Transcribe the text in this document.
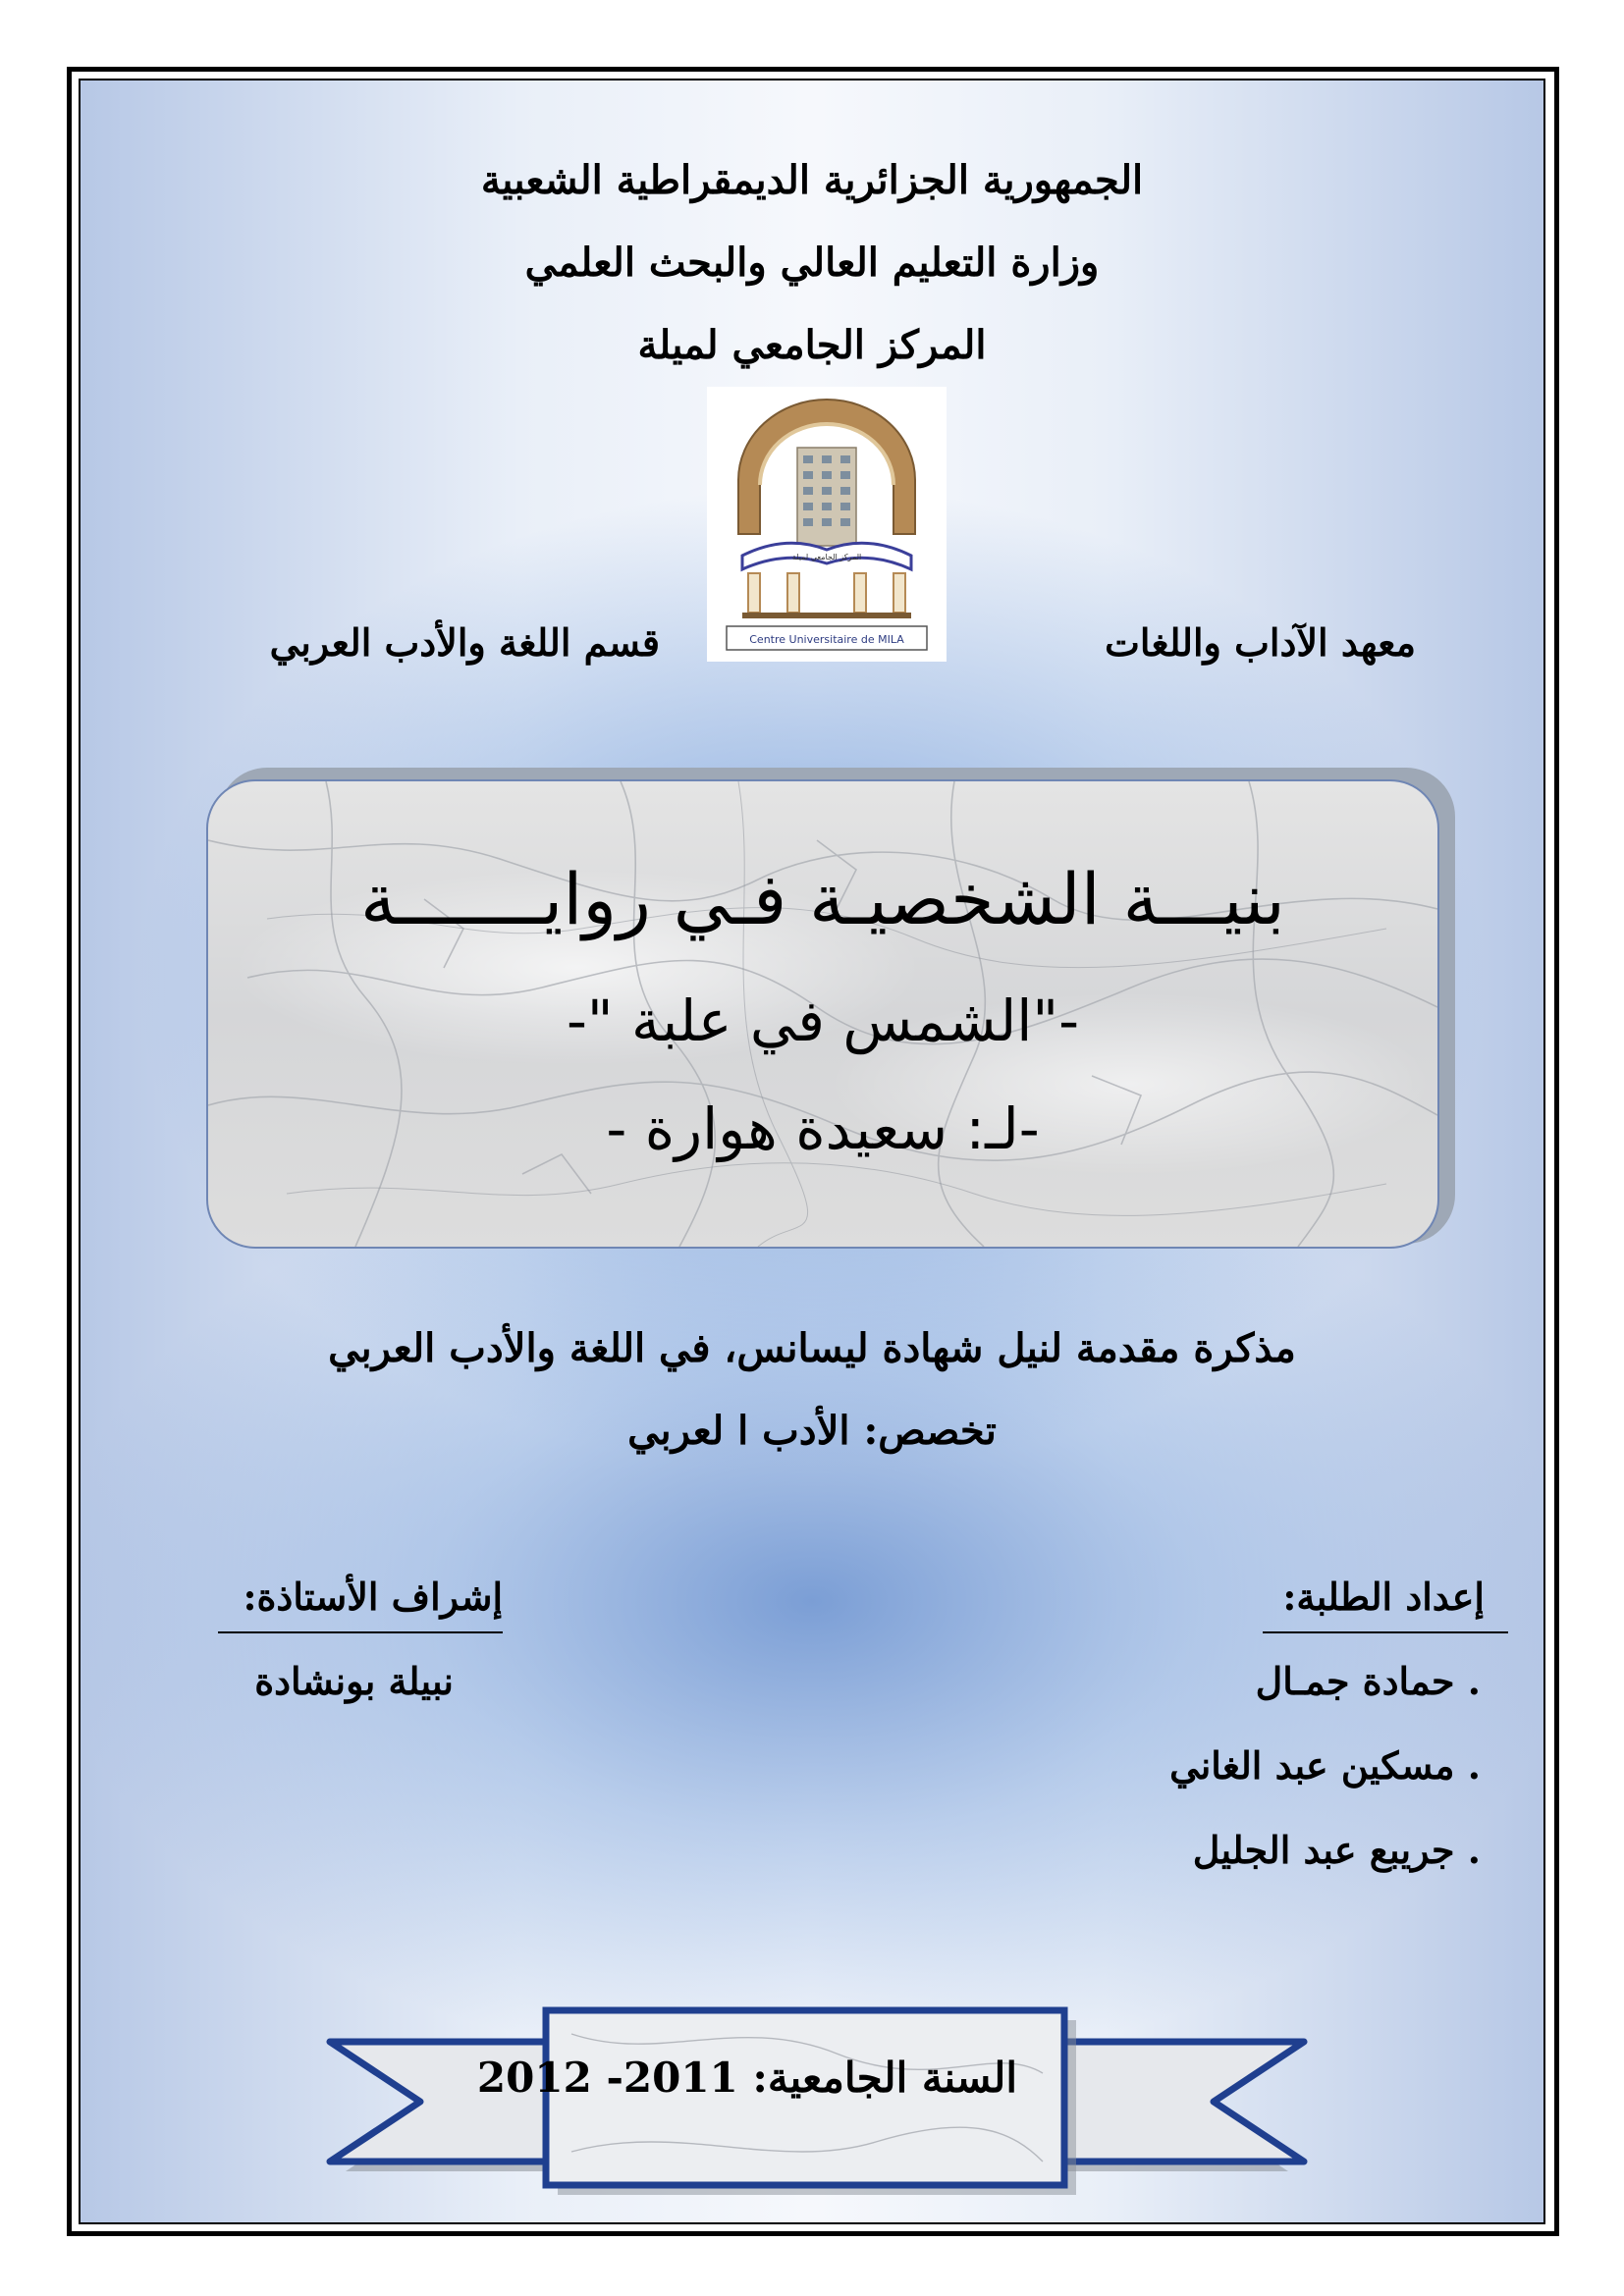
الجمهورية الجزائرية الديمقراطية الشعبية
وزارة التعليم العالي والبحث العلمي
المركز الجامعي لميلة
المركز الجامعي لميلة
Centre Universitaire de MILA	معهد الآداب واللغات
قسم اللغة والأدب العربي
بنيـــة الشخصيـة فـي روايـــــــة
-"الشمس في علبة "-
-لـ: سعيدة هوارة -
مذكرة مقدمة لنيل شهادة ليسانس، في اللغة والأدب العربي
تخصص: الأدب ا لعربي
إعداد الطلبة:
. حمادة جمـال
. مسكين عبد الغاني
. جريبع عبد الجليل
إشراف الأستاذة:
نبيلة بونشادة
السنة الجامعية: 2011- 2012
